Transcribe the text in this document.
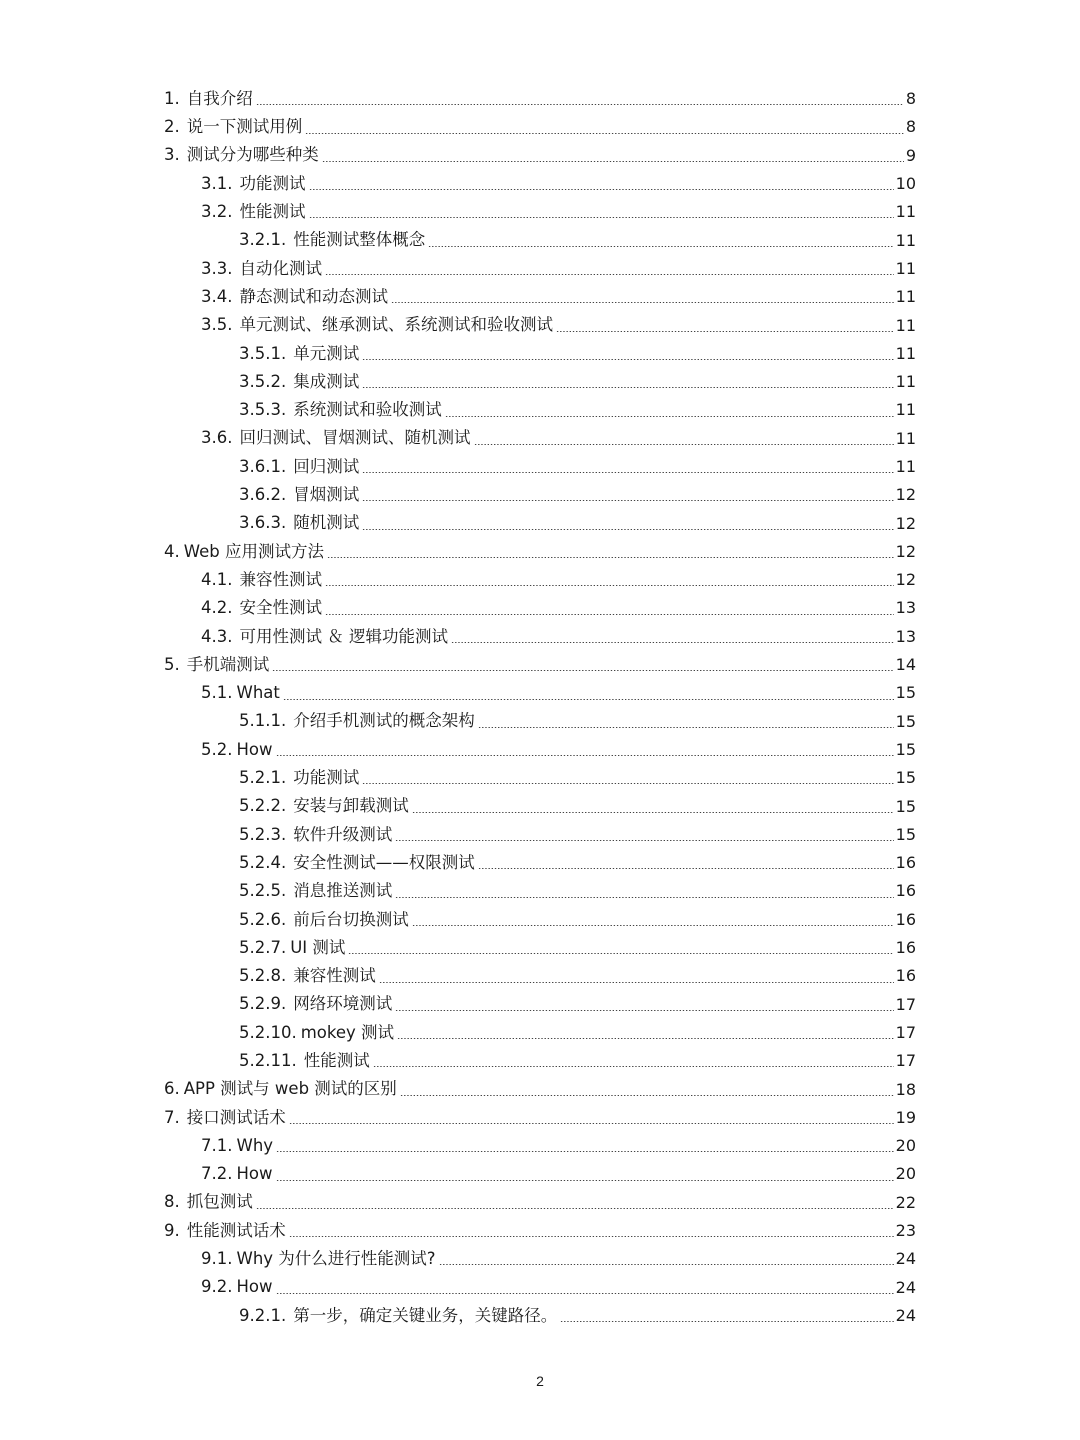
1. 自我介绍	8
2. 说一下测试用例	8
3. 测试分为哪些种类	9
3.1. 功能测试	10
3.2. 性能测试	11
3.2.1. 性能测试整体概念	11
3.3. 自动化测试	11
3.4. 静态测试和动态测试	11
3.5. 单元测试、继承测试、系统测试和验收测试	11
3.5.1. 单元测试	11
3.5.2. 集成测试	11
3.5.3. 系统测试和验收测试	11
3.6. 回归测试、冒烟测试、随机测试	11
3.6.1. 回归测试	11
3.6.2. 冒烟测试	12
3.6.3. 随机测试	12
4. Web 应用测试方法	12
4.1. 兼容性测试	12
4.2. 安全性测试	13
4.3. 可用性测试 ＆ 逻辑功能测试	13
5. 手机端测试	14
5.1. What	15
5.1.1. 介绍手机测试的概念架构	15
5.2. How	15
5.2.1. 功能测试	15
5.2.2. 安装与卸载测试	15
5.2.3. 软件升级测试	15
5.2.4. 安全性测试——权限测试	16
5.2.5. 消息推送测试	16
5.2.6. 前后台切换测试	16
5.2.7. UI 测试	16
5.2.8. 兼容性测试	16
5.2.9. 网络环境测试	17
5.2.10. mokey 测试	17
5.2.11. 性能测试	17
6. APP 测试与 web 测试的区别	18
7. 接口测试话术	19
7.1. Why	20
7.2. How	20
8. 抓包测试	22
9. 性能测试话术	23
9.1. Why 为什么进行性能测试?	24
9.2. How	24
9.2.1. 第一步，确定关键业务，关键路径。	24
2
